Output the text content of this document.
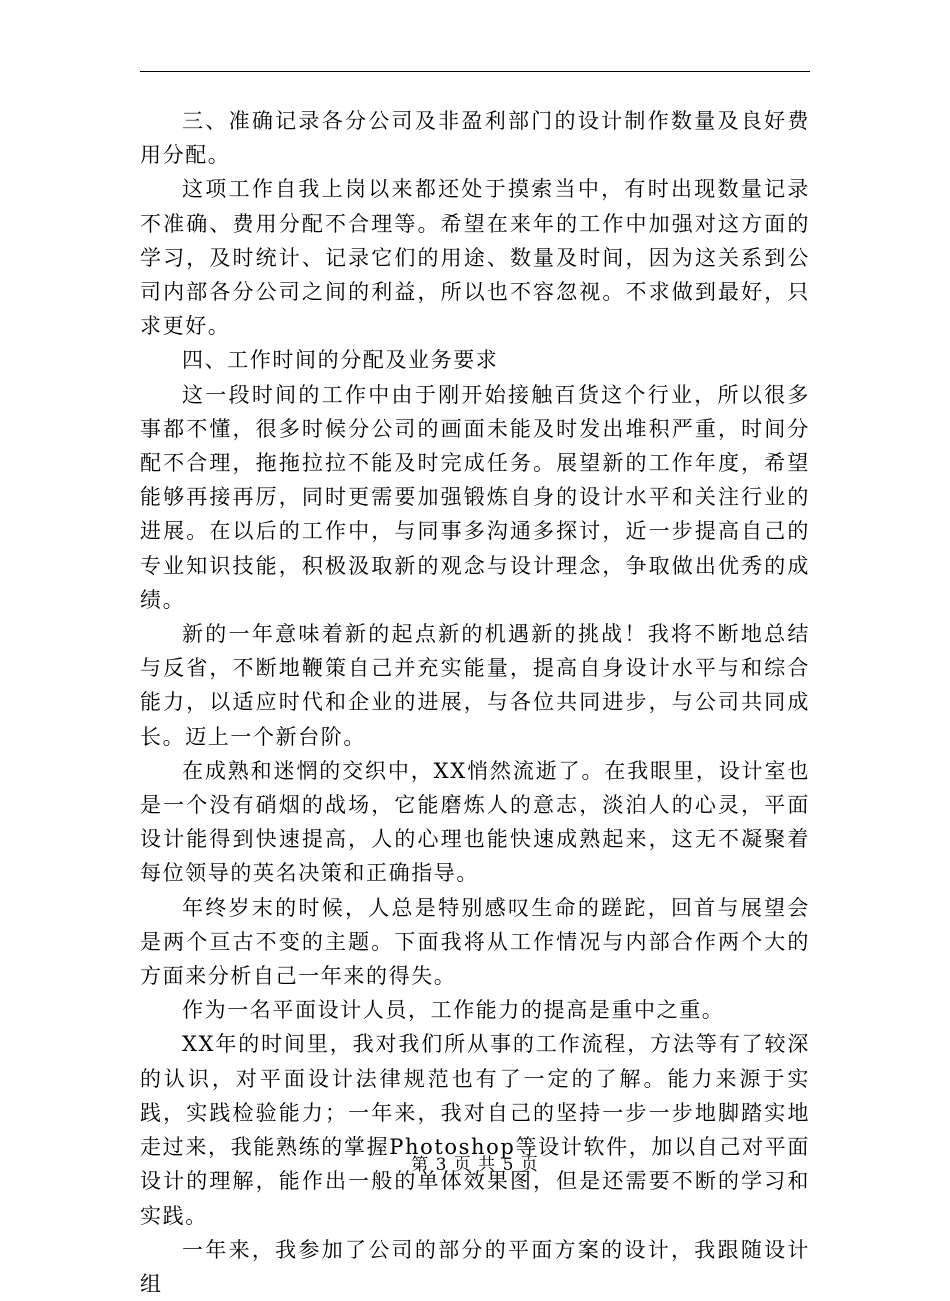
三、准确记录各分公司及非盈利部门的设计制作数量及良好费用分配。

这项工作自我上岗以来都还处于摸索当中，有时出现数量记录不准确、费用分配不合理等。希望在来年的工作中加强对这方面的学习，及时统计、记录它们的用途、数量及时间，因为这关系到公司内部各分公司之间的利益，所以也不容忽视。不求做到最好，只求更好。

四、工作时间的分配及业务要求

这一段时间的工作中由于刚开始接触百货这个行业，所以很多事都不懂，很多时候分公司的画面未能及时发出堆积严重，时间分配不合理，拖拖拉拉不能及时完成任务。展望新的工作年度，希望能够再接再厉，同时更需要加强锻炼自身的设计水平和关注行业的进展。在以后的工作中，与同事多沟通多探讨，近一步提高自己的专业知识技能，积极汲取新的观念与设计理念，争取做出优秀的成绩。

新的一年意味着新的起点新的机遇新的挑战！我将不断地总结与反省，不断地鞭策自己并充实能量，提高自身设计水平与和综合能力，以适应时代和企业的进展，与各位共同进步，与公司共同成长。迈上一个新台阶。

在成熟和迷惘的交织中，XX悄然流逝了。在我眼里，设计室也是一个没有硝烟的战场，它能磨炼人的意志，淡泊人的心灵，平面设计能得到快速提高，人的心理也能快速成熟起来，这无不凝聚着每位领导的英名决策和正确指导。

年终岁末的时候，人总是特别感叹生命的蹉跎，回首与展望会是两个亘古不变的主题。下面我将从工作情况与内部合作两个大的方面来分析自己一年来的得失。

作为一名平面设计人员，工作能力的提高是重中之重。

XX年的时间里，我对我们所从事的工作流程，方法等有了较深的认识，对平面设计法律规范也有了一定的了解。能力来源于实践，实践检验能力；一年来，我对自己的坚持一步一步地脚踏实地走过来，我能熟练的掌握Photoshop等设计软件，加以自己对平面设计的理解，能作出一般的单体效果图，但是还需要不断的学习和实践。

一年来，我参加了公司的部分的平面方案的设计，我跟随设计组

第 3 页 共 5 页
